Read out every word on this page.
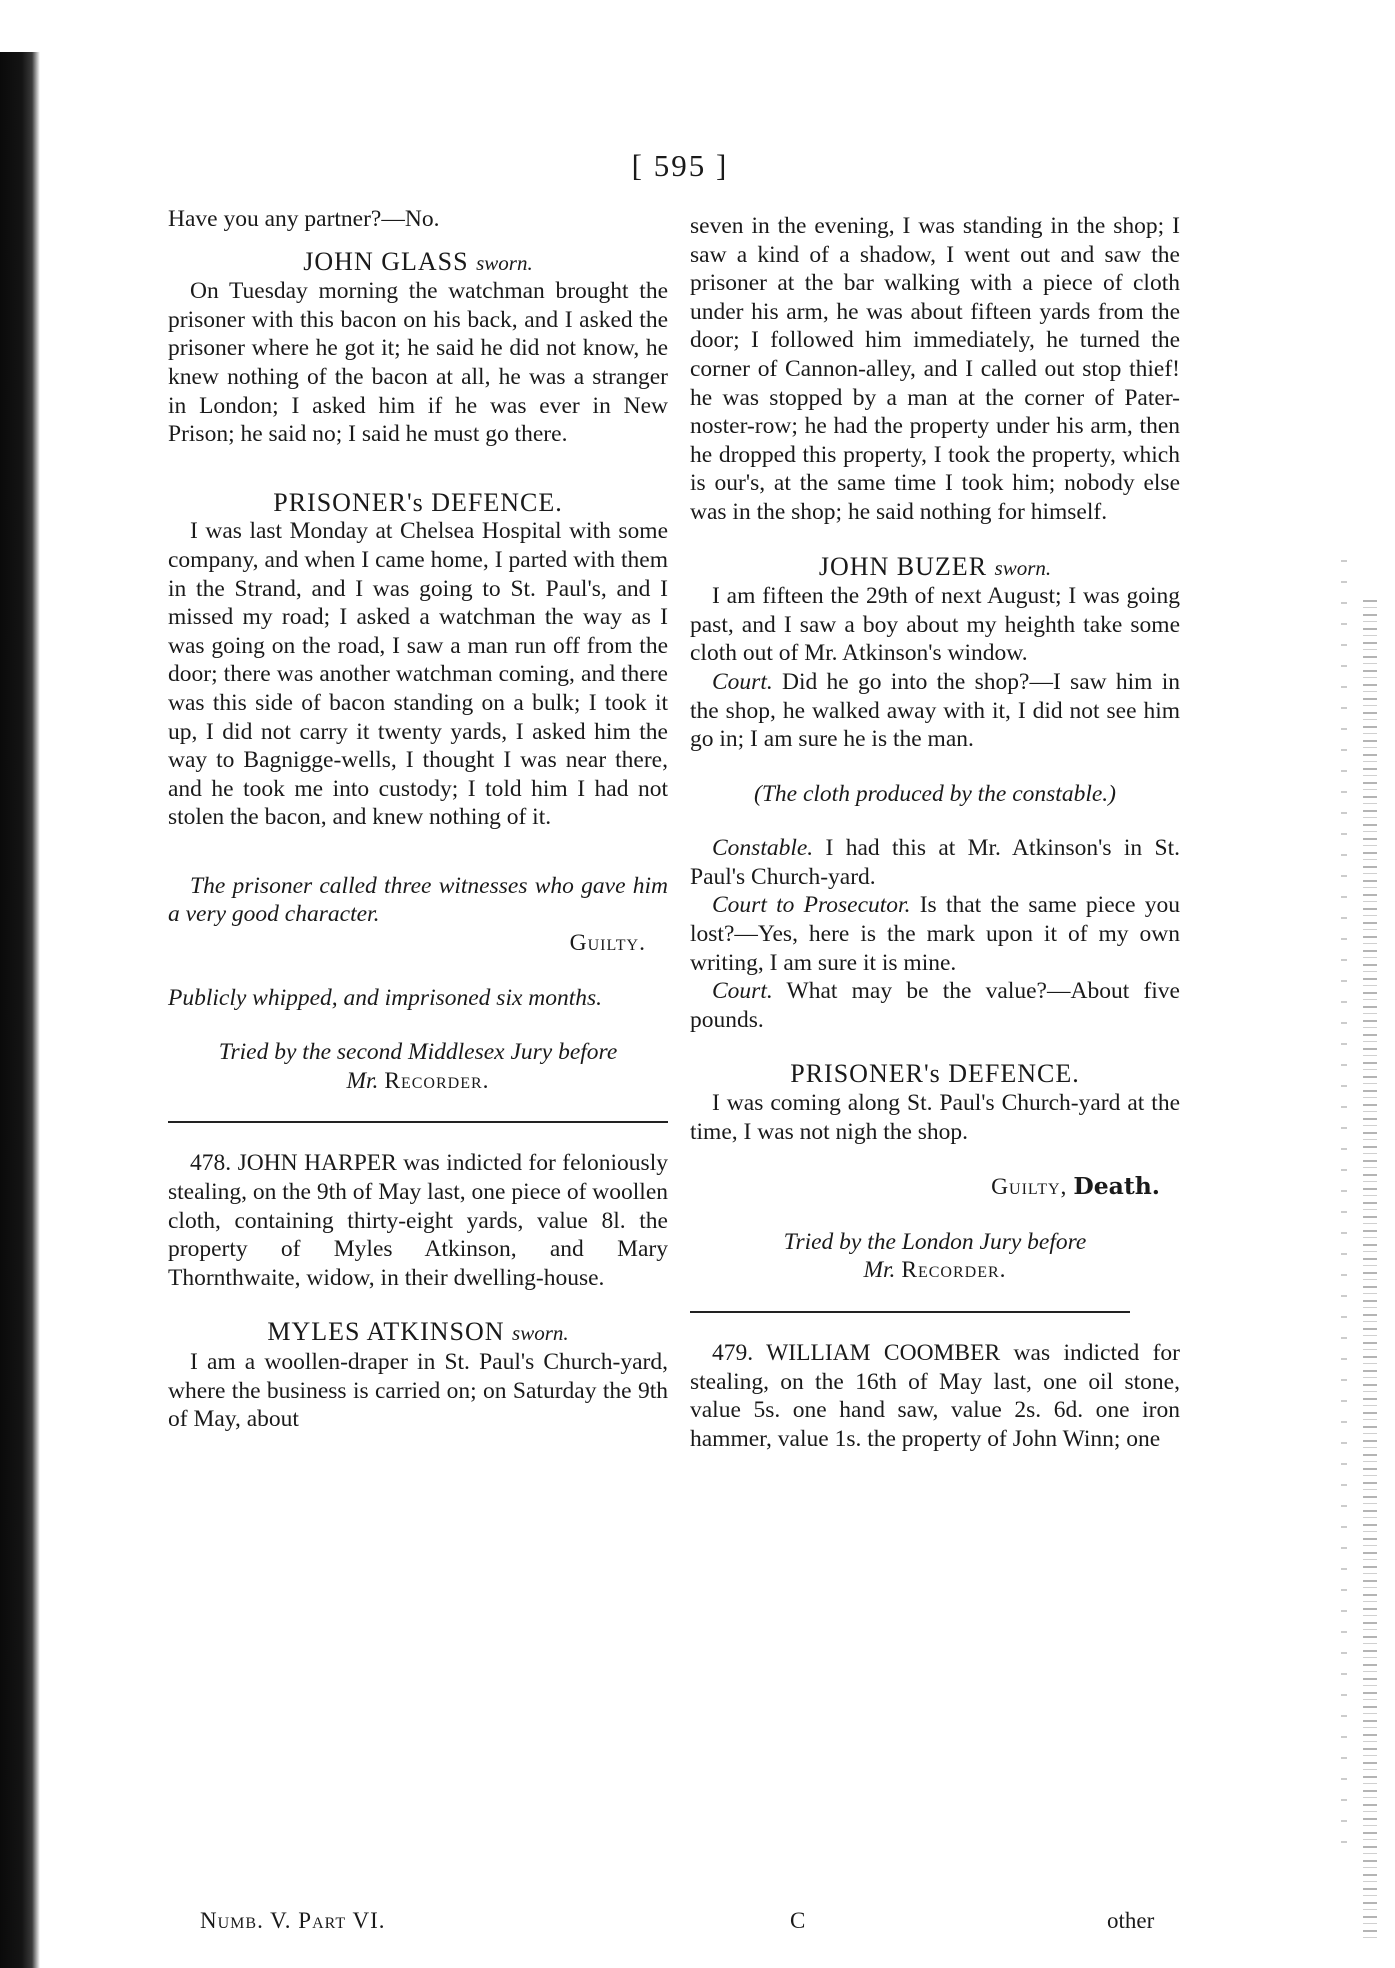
[ 595 ]

Have you any partner?—No.

JOHN GLASS sworn.

On Tuesday morning the watchman brought the prisoner with this bacon on his back, and I asked the prisoner where he got it; he said he did not know, he knew nothing of the bacon at all, he was a stranger in London; I asked him if he was ever in New Prison; he said no; I said he must go there.

PRISONER's DEFENCE.

I was last Monday at Chelsea Hospital with some company, and when I came home, I parted with them in the Strand, and I was going to St. Paul's, and I missed my road; I asked a watchman the way as I was going on the road, I saw a man run off from the door; there was another watchman coming, and there was this side of bacon standing on a bulk; I took it up, I did not carry it twenty yards, I asked him the way to Bagnigge-wells, I thought I was near there, and he took me into custody; I told him I had not stolen the bacon, and knew nothing of it.

The prisoner called three witnesses who gave him a very good character.

Guilty.

Publicly whipped, and imprisoned six months.

Tried by the second Middlesex Jury before

Mr. Recorder.

478. JOHN HARPER was indicted for feloniously stealing, on the 9th of May last, one piece of woollen cloth, containing thirty-eight yards, value 8l. the property of Myles Atkinson, and Mary Thornthwaite, widow, in their dwelling-house.

MYLES ATKINSON sworn.

I am a woollen-draper in St. Paul's Church-yard, where the business is carried on; on Saturday the 9th of May, about

seven in the evening, I was standing in the shop; I saw a kind of a shadow, I went out and saw the prisoner at the bar walking with a piece of cloth under his arm, he was about fifteen yards from the door; I followed him immediately, he turned the corner of Cannon-alley, and I called out stop thief! he was stopped by a man at the corner of Pater-noster-row; he had the property under his arm, then he dropped this property, I took the property, which is our's, at the same time I took him; nobody else was in the shop; he said nothing for himself.

JOHN BUZER sworn.

I am fifteen the 29th of next August; I was going past, and I saw a boy about my heighth take some cloth out of Mr. Atkinson's window.

Court. Did he go into the shop?—I saw him in the shop, he walked away with it, I did not see him go in; I am sure he is the man.

(The cloth produced by the constable.)

Constable. I had this at Mr. Atkinson's in St. Paul's Church-yard.

Court to Prosecutor. Is that the same piece you lost?—Yes, here is the mark upon it of my own writing, I am sure it is mine.

Court. What may be the value?—About five pounds.

PRISONER's DEFENCE.

I was coming along St. Paul's Church-yard at the time, I was not nigh the shop.

Guilty, Death.

Tried by the London Jury before

Mr. Recorder.

479. WILLIAM COOMBER was indicted for stealing, on the 16th of May last, one oil stone, value 5s. one hand saw, value 2s. 6d. one iron hammer, value 1s. the property of John Winn; one

Numb. V. Part VI.	C	other
